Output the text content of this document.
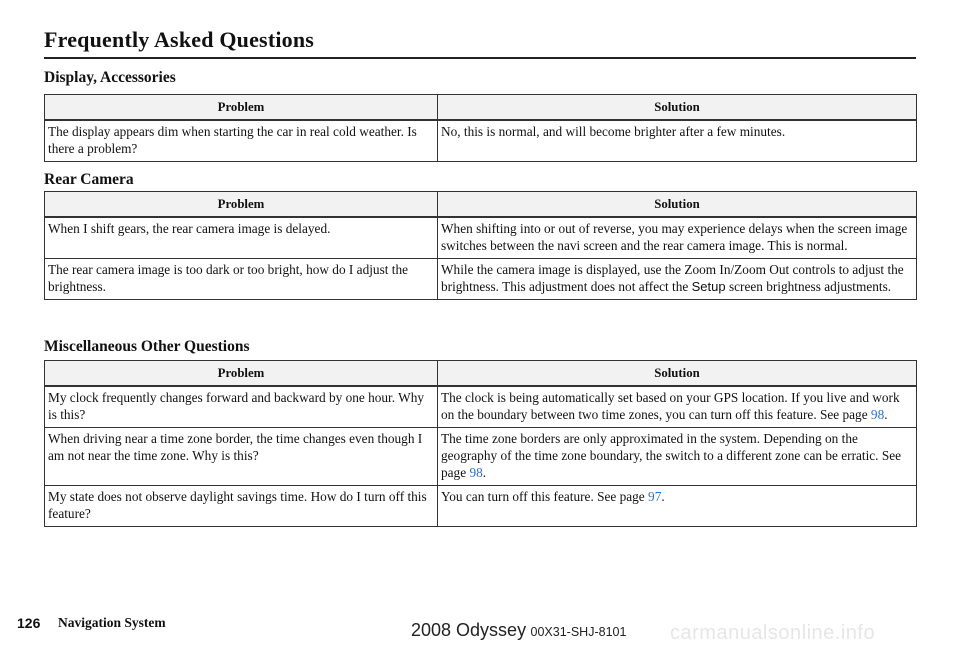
Frequently Asked Questions
Display, Accessories
Problem	Solution
The display appears dim when starting the car in real cold weather. Is there a problem?	No, this is normal, and will become brighter after a few minutes.
Rear Camera
Problem	Solution
When I shift gears, the rear camera image is delayed.	When shifting into or out of reverse, you may experience delays when the screen image switches between the navi screen and the rear camera image. This is normal.
The rear camera image is too dark or too bright, how do I adjust the brightness.	While the camera image is displayed, use the Zoom In/Zoom Out controls to adjust the brightness. This adjustment does not affect the Setup screen brightness adjustments.
Miscellaneous Other Questions
Problem	Solution
My clock frequently changes forward and backward by one hour. Why is this?	The clock is being automatically set based on your GPS location. If you live and work on the boundary between two time zones, you can turn off this feature. See page 98.
When driving near a time zone border, the time changes even though I am not near the time zone. Why is this?	The time zone borders are only approximated in the system. Depending on the geography of the time zone boundary, the switch to a different zone can be erratic. See page 98.
My state does not observe daylight savings time. How do I turn off this feature?	You can turn off this feature. See page 97.
126 Navigation System	2008 Odyssey 00X31-SHJ-8101 carmanualsonline.info
